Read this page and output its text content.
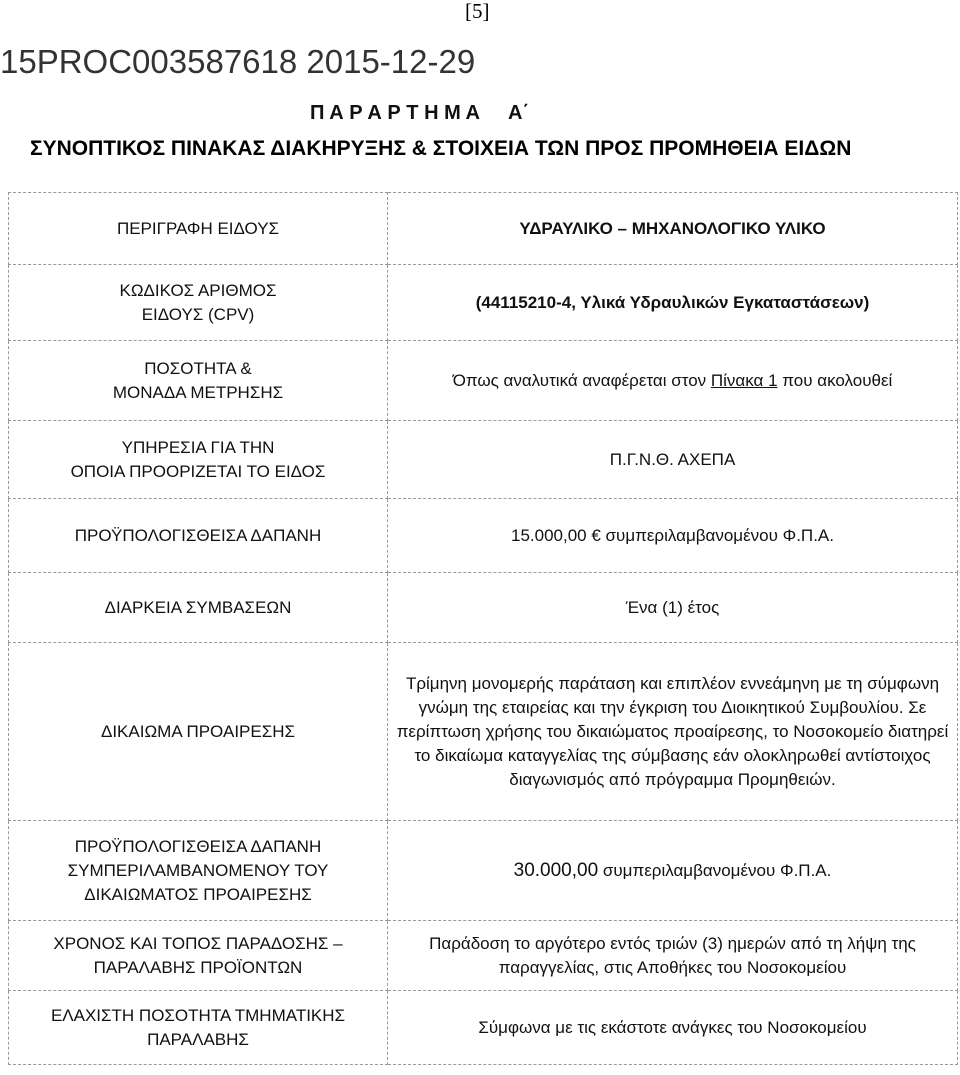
[5]
15PROC003587618 2015-12-29
Π Α Ρ Α Ρ Τ Η Μ Α Α΄
ΣΥΝΟΠΤΙΚΟΣ ΠΙΝΑΚΑΣ ΔΙΑΚΗΡΥΞΗΣ & ΣΤΟΙΧΕΙΑ ΤΩΝ ΠΡΟΣ ΠΡΟΜΗΘΕΙΑ ΕΙΔΩΝ
ΠΕΡΙΓΡΑΦΗ ΕΙΔΟΥΣ	ΥΔΡΑΥΛΙΚΟ – ΜΗΧΑΝΟΛΟΓΙΚΟ ΥΛΙΚΟ

ΚΩΔΙΚΟΣ ΑΡΙΘΜΟΣ
ΕΙΔΟΥΣ (CPV)	(44115210-4, Υλικά Υδραυλικών Εγκαταστάσεων)

ΠΟΣΟΤΗΤΑ &
ΜΟΝΑΔΑ ΜΕΤΡΗΣΗΣ	Όπως αναλυτικά αναφέρεται στον Πίνακα 1 που ακολουθεί

ΥΠΗΡΕΣΙΑ ΓΙΑ ΤΗΝ
ΟΠΟΙΑ ΠΡΟΟΡΙΖΕΤΑΙ ΤΟ ΕΙΔΟΣ	Π.Γ.Ν.Θ. ΑΧΕΠΑ
ΠΡΟΫΠΟΛΟΓΙΣΘΕΙΣΑ ΔΑΠΑΝΗ	15.000,00 € συμπεριλαμβανομένου Φ.Π.Α.
ΔΙΑΡΚΕΙΑ ΣΥΜΒΑΣΕΩΝ	Ένα (1) έτος
ΔΙΚΑΙΩΜΑ ΠΡΟΑΙΡΕΣΗΣ	Τρίμηνη μονομερής παράταση και επιπλέον εννεάμηνη με τη σύμφωνη γνώμη της εταιρείας και την έγκριση του Διοικητικού Συμβουλίου. Σε περίπτωση χρήσης του δικαιώματος προαίρεσης, το Νοσοκομείο διατηρεί το δικαίωμα καταγγελίας της σύμβασης εάν ολοκληρωθεί αντίστοιχος διαγωνισμός από πρόγραμμα Προμηθειών.

ΠΡΟΫΠΟΛΟΓΙΣΘΕΙΣΑ ΔΑΠΑΝΗ
ΣΥΜΠΕΡΙΛΑΜΒΑΝΟΜΕΝΟΥ ΤΟΥ
ΔΙΚΑΙΩΜΑΤΟΣ ΠΡΟΑΙΡΕΣΗΣ	30.000,00 συμπεριλαμβανομένου Φ.Π.Α.

ΧΡΟΝΟΣ ΚΑΙ ΤΟΠΟΣ ΠΑΡΑΔΟΣΗΣ –
ΠΑΡΑΛΑΒΗΣ ΠΡΟΪΟΝΤΩΝ	Παράδοση το αργότερο εντός τριών (3) ημερών από τη λήψη της παραγγελίας, στις Αποθήκες του Νοσοκομείου

ΕΛΑΧΙΣΤΗ ΠΟΣΟΤΗΤΑ ΤΜΗΜΑΤΙΚΗΣ
ΠΑΡΑΛΑΒΗΣ	Σύμφωνα με τις εκάστοτε ανάγκες του Νοσοκομείου
